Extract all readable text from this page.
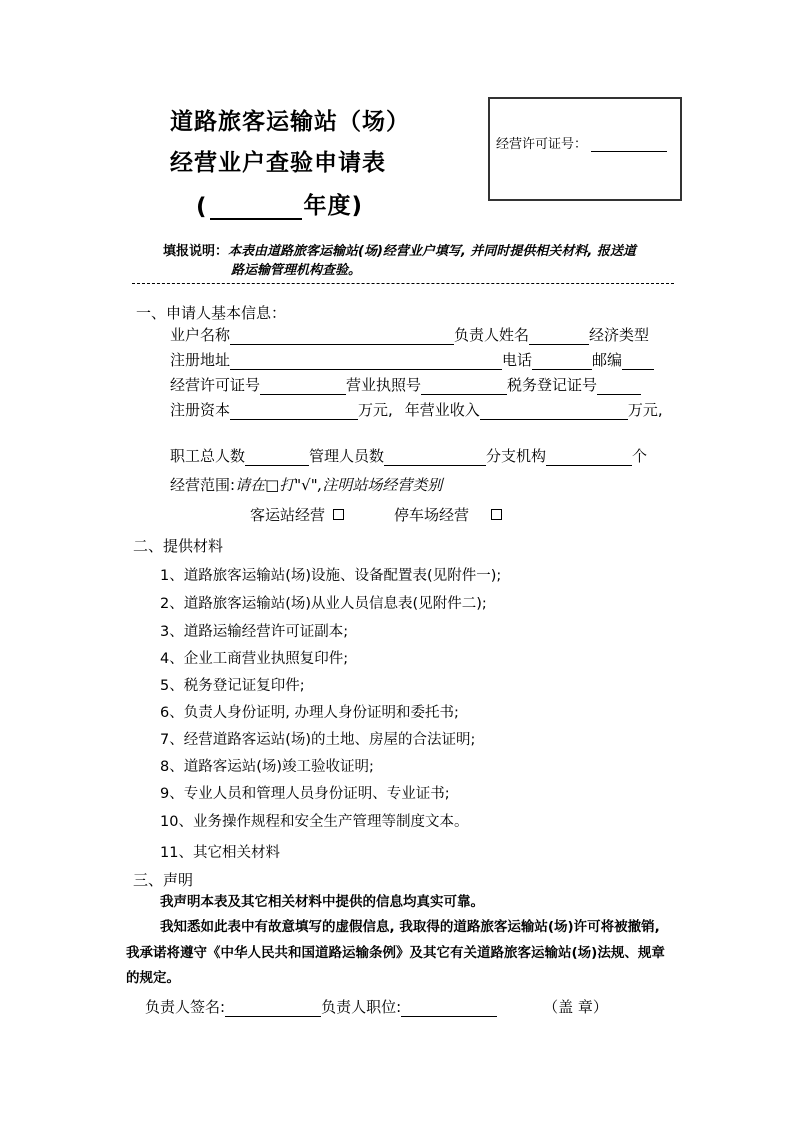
道路旅客运输站（场）
经营业户查验申请表
(	年度)
经营许可证号：
填报说明：本表由道路旅客运输站(场)经营业户填写, 并同时提供相关材料, 报送道
路运输管理机构查验。
一、申请人基本信息：
业户名称	负责人姓名	经济类型
注册地址	电话	邮编
经营许可证号	营业执照号	税务登记证号
注册资本	万元, 年营业收入	万元,
职工总人数	管理人员数	分支机构	个
经营范围: 请在□打"√",注明站场经营类别
客运站经营	停车场经营
二、提供材料
1、道路旅客运输站(场)设施、设备配置表(见附件一);
2、道路旅客运输站(场)从业人员信息表(见附件二);
3、道路运输经营许可证副本;
4、企业工商营业执照复印件;
5、税务登记证复印件;
6、负责人身份证明, 办理人身份证明和委托书;
7、经营道路客运站(场)的土地、房屋的合法证明;
8、道路客运站(场)竣工验收证明;
9、专业人员和管理人员身份证明、专业证书;
10、业务操作规程和安全生产管理等制度文本。
11、其它相关材料
三、声明
我声明本表及其它相关材料中提供的信息均真实可靠。
我知悉如此表中有故意填写的虚假信息, 我取得的道路旅客运输站(场)许可将被撤销,
我承诺将遵守《中华人民共和国道路运输条例》及其它有关道路旅客运输站(场)法规、规章
的规定。
负责人签名:	负责人职位:	（盖 章）
